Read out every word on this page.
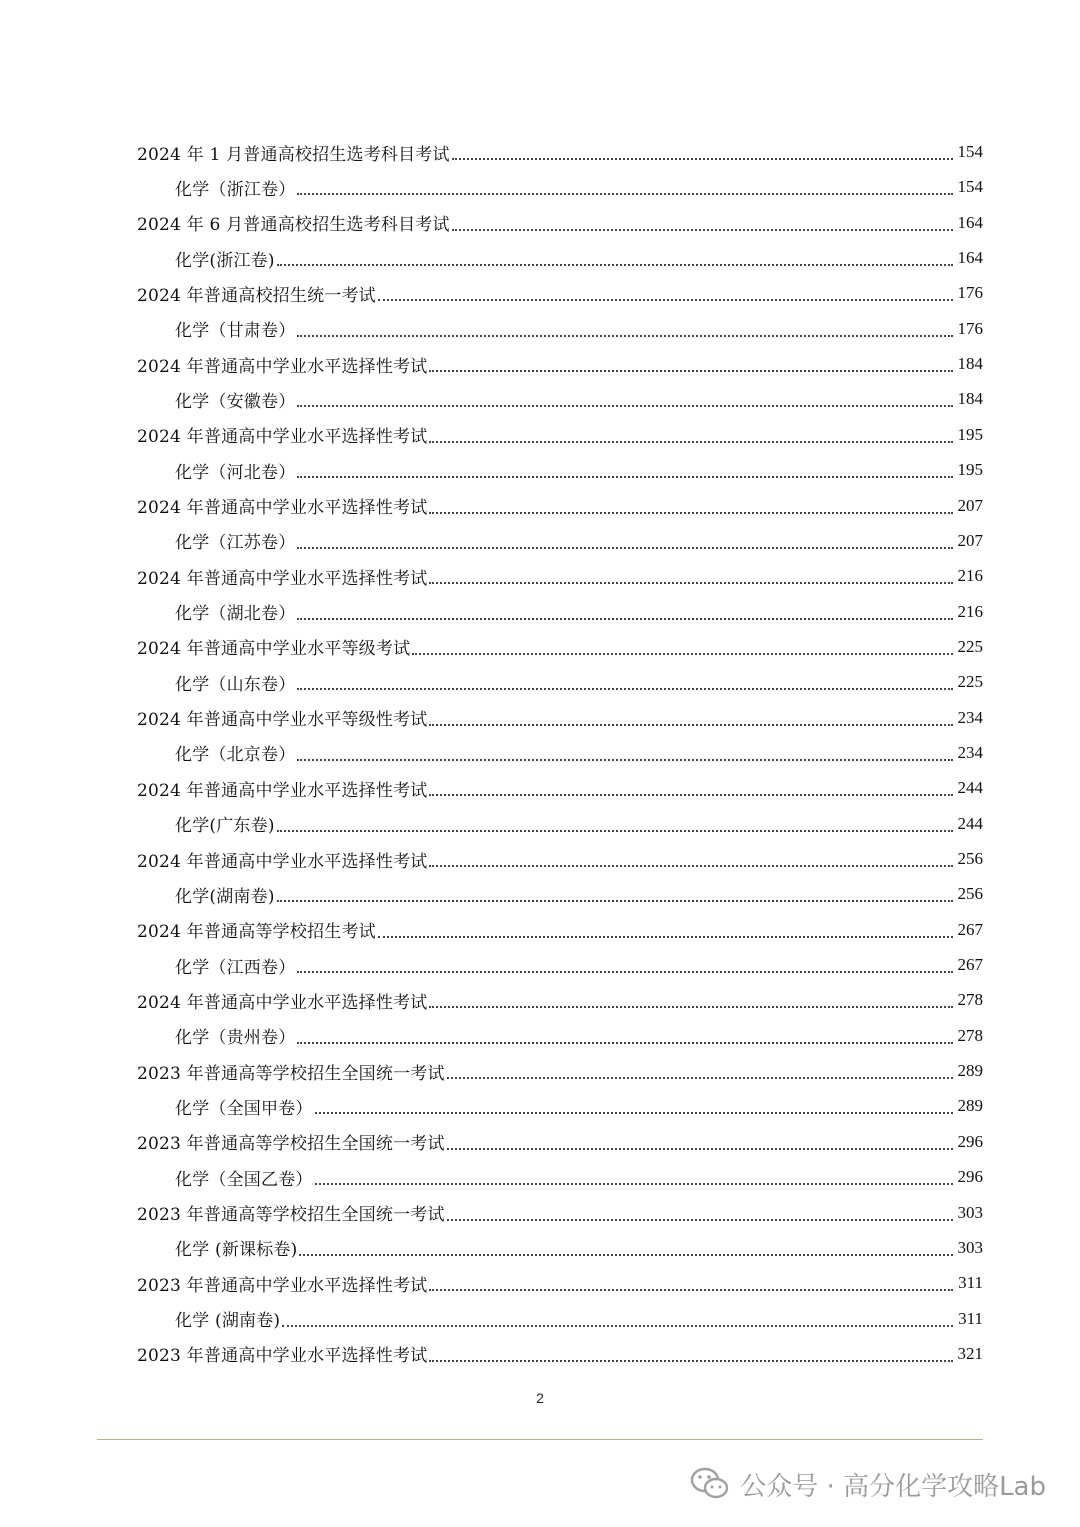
2024 年 1 月普通高校招生选考科目考试	154
化学（浙江卷）	154
2024 年 6 月普通高校招生选考科目考试	164
化学(浙江卷)	164
2024 年普通高校招生统一考试	176
化学（甘肃卷）	176
2024 年普通高中学业水平选择性考试	184
化学（安徽卷）	184
2024 年普通高中学业水平选择性考试	195
化学（河北卷）	195
2024 年普通高中学业水平选择性考试	207
化学（江苏卷）	207
2024 年普通高中学业水平选择性考试	216
化学（湖北卷）	216
2024 年普通高中学业水平等级考试	225
化学（山东卷）	225
2024 年普通高中学业水平等级性考试	234
化学（北京卷）	234
2024 年普通高中学业水平选择性考试	244
化学(广东卷)	244
2024 年普通高中学业水平选择性考试	256
化学(湖南卷)	256
2024 年普通高等学校招生考试	267
化学（江西卷）	267
2024 年普通高中学业水平选择性考试	278
化学（贵州卷）	278
2023 年普通高等学校招生全国统一考试	289
化学（全国甲卷）	289
2023 年普通高等学校招生全国统一考试	296
化学（全国乙卷）	296
2023 年普通高等学校招生全国统一考试	303
化学 (新课标卷)	303
2023 年普通高中学业水平选择性考试	311
化学 (湖南卷)	311
2023 年普通高中学业水平选择性考试	321
2
公众号 · 高分化学攻略Lab
